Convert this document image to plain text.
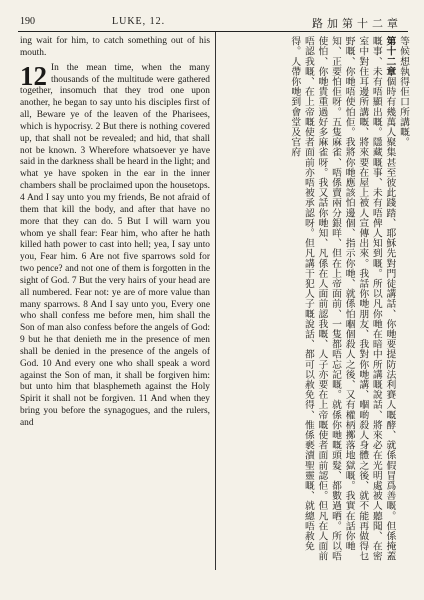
190	LUKE, 12.	路加第十二章

ing wait for him, to catch something out of his mouth.

12 In the mean time, when the many thousands of the multitude were gathered together, insomuch that they trod one upon another, he began to say unto his disciples first of all, Beware ye of the leaven of the Pharisees, which is hypocrisy. 2 But there is nothing covered up, that shall not be revealed; and hid, that shall not be known. 3 Wherefore whatsoever ye have said in the darkness shall be heard in the light; and what ye have spoken in the ear in the inner chambers shall be proclaimed upon the housetops. 4 And I say unto you my friends, Be not afraid of them that kill the body, and after that have no more that they can do. 5 But I will warn you whom ye shall fear: Fear him, who after he hath killed hath power to cast into hell; yea, I say unto you, Fear him. 6 Are not five sparrows sold for two pence? and not one of them is forgotten in the sight of God. 7 But the very hairs of your head are all numbered. Fear not: ye are of more value than many sparrows. 8 And I say unto you, Every one who shall confess me before men, him shall the Son of man also confess before the angels of God: 9 but he that denieth me in the presence of men shall be denied in the presence of the angels of God. 10 And every one who shall speak a word against the Son of man, it shall be forgiven him: but unto him that blasphemeth against the Holy Spirit it shall not be forgiven. 11 And when they bring you before the synagogues, and the rulers, and

等候想執得佢口所講嘅。
第十二章個時有幾萬人聚集甚至彼此踐踏、耶穌先對門徒講話、你哋要提防法利賽人嘅酵、就係假冒爲善嘅。但係掩蓋嘅事、未有唔顯出嘅。隱藏嘅事、未有唔俾人知到嘅。所以凡你哋在暗中所講嘅說話、將來必在光明處被人聽聞、在密室中對住耳邊所講嘅、將來要在屋上被人宣傳出來。我話你哋朋友、我對你哋講、嗰啲殺人身體之後、就不能再做得乜野嘅、你哋唔使怕佢。我將你哋應該怕邊個、指示你哋、就係怕嗰個殺人之後、又有權柄擲落地獄嘅。我實在話你哋知、正要怕佢呀。五隻麻雀、唔係賣兩分銀咩、但在上帝面前、一隻都唔忘記嘅。就係你哋嘅頭髮、都數過晒。所以唔使怕、你哋貴重過好多麻雀呀。我又話你哋知、凡係在人面前認我嘅、人子亦要在上帝嘅使者面前認佢。但凡在人面前唔認我嘅、在上帝嘅使者面前亦唔被承認呀。但凡講干犯人子嘅說話、都可以赦免得、惟係褻瀆聖靈嘅、就總唔赦免得。人帶你哋到會堂及官府
